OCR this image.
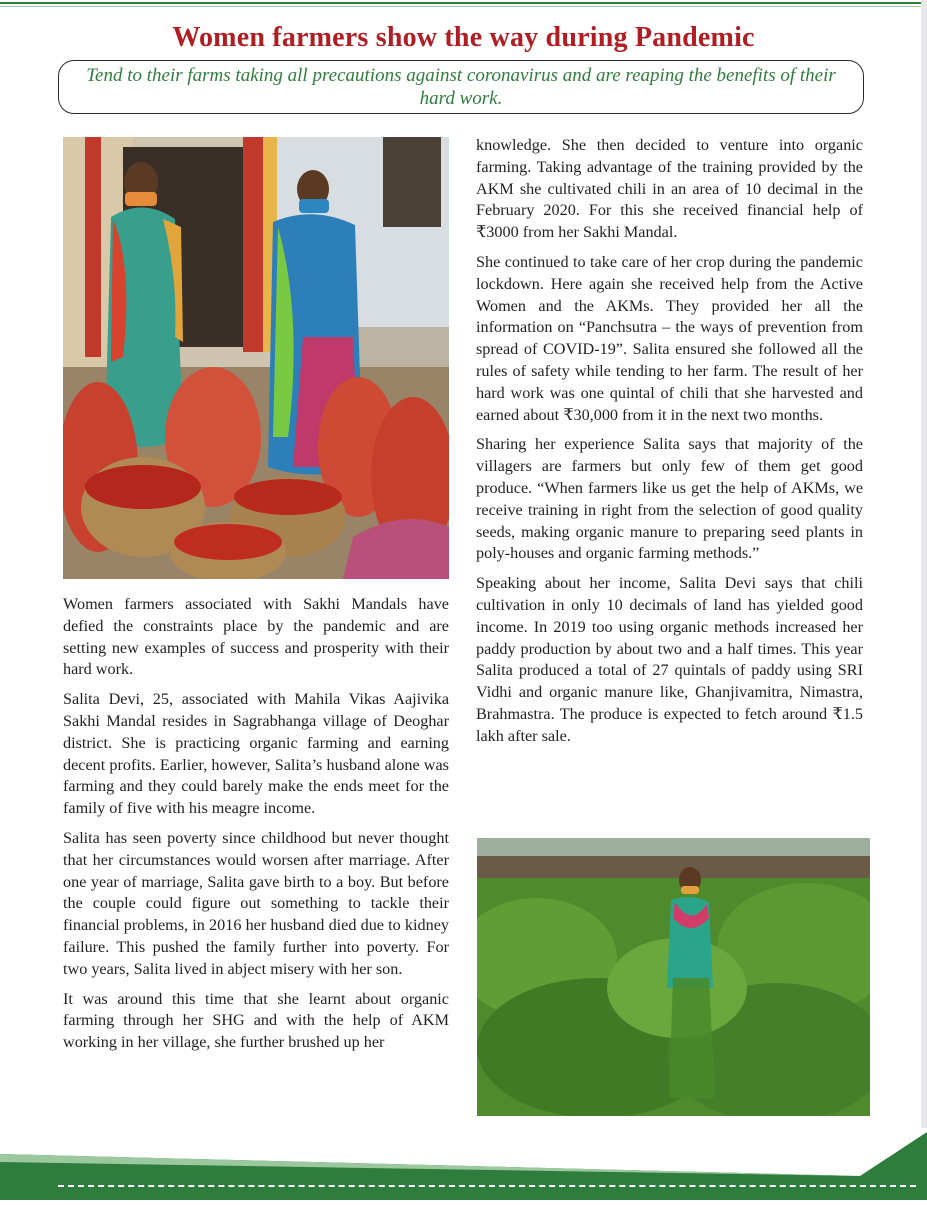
Women farmers show the way during Pandemic
Tend to their farms taking all precautions against coronavirus and are reaping the benefits of their hard work.

Women farmers associated with Sakhi Mandals have defied the constraints place by the pandemic and are setting new examples of success and prosperity with their hard work.

Salita Devi, 25, associated with Mahila Vikas Aajivika Sakhi Mandal resides in Sagrabhanga village of Deoghar district. She is practicing organic farming and earning decent profits. Earlier, however, Salita’s husband alone was farming and they could barely make the ends meet for the family of five with his meagre income.

Salita has seen poverty since childhood but never thought that her circumstances would worsen after marriage. After one year of marriage, Salita gave birth to a boy. But before the couple could figure out something to tackle their financial problems, in 2016 her husband died due to kidney failure. This pushed the family further into poverty. For two years, Salita lived in abject misery with her son.

It was around this time that she learnt about organic farming through her SHG and with the help of AKM working in her village, she further brushed up her

knowledge. She then decided to venture into organic farming. Taking advantage of the training provided by the AKM she cultivated chili in an area of 10 decimal in the February 2020. For this she received financial help of ₹3000 from her Sakhi Mandal.

She continued to take care of her crop during the pandemic lockdown. Here again she received help from the Active Women and the AKMs. They provided her all the information on “Panchsutra – the ways of prevention from spread of COVID-19”. Salita ensured she followed all the rules of safety while tending to her farm. The result of her hard work was one quintal of chili that she harvested and earned about ₹30,000 from it in the next two months.

Sharing her experience Salita says that majority of the villagers are farmers but only few of them get good produce. “When farmers like us get the help of AKMs, we receive training in right from the selection of good quality seeds, making organic manure to preparing seed plants in poly-houses and organic farming methods.”

Speaking about her income, Salita Devi says that chili cultivation in only 10 decimals of land has yielded good income. In 2019 too using organic methods increased her paddy production by about two and a half times. This year Salita produced a total of 27 quintals of paddy using SRI Vidhi and organic manure like, Ghanjivamitra, Nimastra, Brahmastra. The produce is expected to fetch around ₹1.5 lakh after sale.
